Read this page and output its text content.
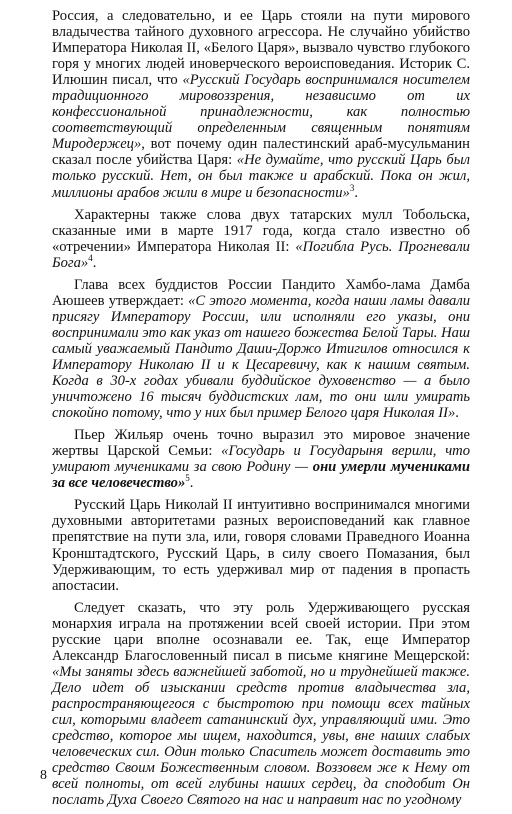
Россия, а следовательно, и ее Царь стояли на пути мирового владычества тайного духовного агрессора. Не случайно убийство Императора Николая II, «Белого Царя», вызвало чувство глубокого горя у многих людей иноверческого вероисповедания. Историк С. Илюшин писал, что «Русский Государь воспринимался носителем традиционного мировоззрения, независимо от их конфессиональной принадлежности, как полностью соответствующий определенным священным понятиям Миродержец», вот почему один палестинский араб-мусульманин сказал после убийства Царя: «Не думайте, что русский Царь был только русский. Нет, он был также и арабский. Пока он жил, миллионы арабов жили в мире и безопасности»$^3$.

Характерны также слова двух татарских мулл Тобольска, сказанные ими в марте 1917 года, когда стало известно об «отречении» Императора Николая II: «Погибла Русь. Прогневали Бога»$^4$.

Глава всех буддистов России Пандито Хамбо-лама Дамба Аюшеев утверждает: «С этого момента, когда наши ламы давали присягу Императору России, или исполняли его указы, они воспринимали это как указ от нашего божества Белой Тары. Наш самый уважаемый Пандито Даши-Доржо Итигилов относился к Императору Николаю II и к Цесаревичу, как к нашим святым. Когда в 30-х годах убивали буддийское духовенство — а было уничтожено 16 тысяч буддистских лам, то они шли умирать спокойно потому, что у них был пример Белого царя Николая II».

Пьер Жильяр очень точно выразил это мировое значение жертвы Царской Семьи: «Государь и Государыня верили, что умирают мучениками за свою Родину — они умерли мучениками за все человечество»$^5$.

Русский Царь Николай II интуитивно воспринимался многими духовными авторитетами разных вероисповеданий как главное препятствие на пути зла, или, говоря словами Праведного Иоанна Кронштадтского, Русский Царь, в силу своего Помазания, был Удерживающим, то есть удерживал мир от падения в пропасть апостасии.

Следует сказать, что эту роль Удерживающего русская монархия играла на протяжении всей своей истории. При этом русские цари вполне осознавали ее. Так, еще Император Александр Благословенный писал в письме княгине Мещерской: «Мы заняты здесь важнейшей заботой, но и труднейшей также. Дело идет об изыскании средств против владычества зла, распространяющегося с быстротою при помощи всех тайных сил, которыми владеет сатанинский дух, управляющий ими. Это средство, которое мы ищем, находится, увы, вне наших слабых человеческих сил. Один только Спаситель может доставить это средство Своим Божественным словом. Воззовем же к Нему от всей полноты, от всей глубины наших сердец, да сподобит Он послать Духа Своего Святого на нас и направит нас по угодному

8
